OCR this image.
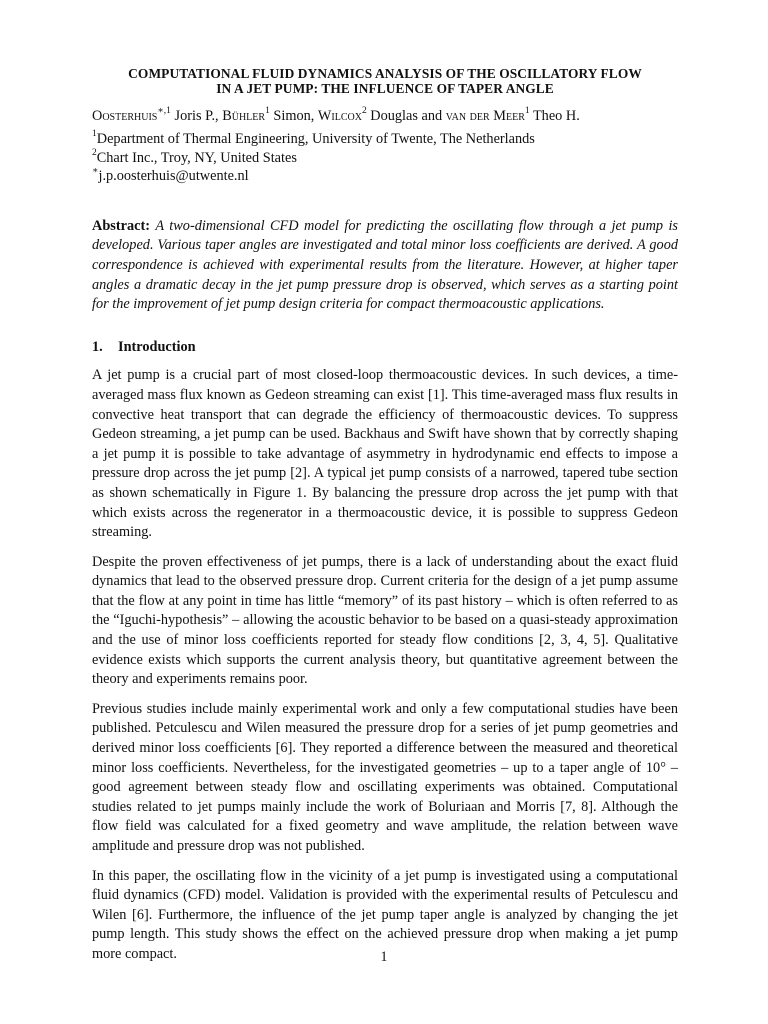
COMPUTATIONAL FLUID DYNAMICS ANALYSIS OF THE OSCILLATORY FLOW
IN A JET PUMP: THE INFLUENCE OF TAPER ANGLE
Oosterhuis$^{∗,1}$ Joris P., Bühler$^1$ Simon, Wilcox$^2$ Douglas and van der Meer$^1$ Theo H.
$^1$Department of Thermal Engineering, University of Twente, The Netherlands
$^2$Chart Inc., Troy, NY, United States
∗j.p.oosterhuis@utwente.nl
Abstract: A two-dimensional CFD model for predicting the oscillating flow through a jet pump is developed. Various taper angles are investigated and total minor loss coefficients are derived. A good correspondence is achieved with experimental results from the literature. However, at higher taper angles a dramatic decay in the jet pump pressure drop is observed, which serves as a starting point for the improvement of jet pump design criteria for compact thermoacoustic applications.
1. Introduction

A jet pump is a crucial part of most closed-loop thermoacoustic devices. In such devices, a time-averaged mass flux known as Gedeon streaming can exist [1]. This time-averaged mass flux results in convective heat transport that can degrade the efficiency of thermoacoustic devices. To suppress Gedeon streaming, a jet pump can be used. Backhaus and Swift have shown that by correctly shaping a jet pump it is possible to take advantage of asymmetry in hydrodynamic end effects to impose a pressure drop across the jet pump [2]. A typical jet pump consists of a narrowed, tapered tube section as shown schematically in Figure 1. By balancing the pressure drop across the jet pump with that which exists across the regenerator in a thermoacoustic device, it is possible to suppress Gedeon streaming.

Despite the proven effectiveness of jet pumps, there is a lack of understanding about the exact fluid dynamics that lead to the observed pressure drop. Current criteria for the design of a jet pump assume that the flow at any point in time has little “memory” of its past history – which is often referred to as the “Iguchi-hypothesis” – allowing the acoustic behavior to be based on a quasi-steady approximation and the use of minor loss coefficients reported for steady flow conditions [2, 3, 4, 5]. Qualitative evidence exists which supports the current analysis theory, but quantitative agreement between the theory and experiments remains poor.

Previous studies include mainly experimental work and only a few computational studies have been published. Petculescu and Wilen measured the pressure drop for a series of jet pump geometries and derived minor loss coefficients [6]. They reported a difference between the measured and theoretical minor loss coefficients. Nevertheless, for the investigated geometries – up to a taper angle of 10° – good agreement between steady flow and oscillating experiments was obtained. Computational studies related to jet pumps mainly include the work of Boluriaan and Morris [7, 8]. Although the flow field was calculated for a fixed geometry and wave amplitude, the relation between wave amplitude and pressure drop was not published.

In this paper, the oscillating flow in the vicinity of a jet pump is investigated using a computational fluid dynamics (CFD) model. Validation is provided with the experimental results of Petculescu and Wilen [6]. Furthermore, the influence of the jet pump taper angle is analyzed by changing the jet pump length. This study shows the effect on the achieved pressure drop when making a jet pump more compact.	1
